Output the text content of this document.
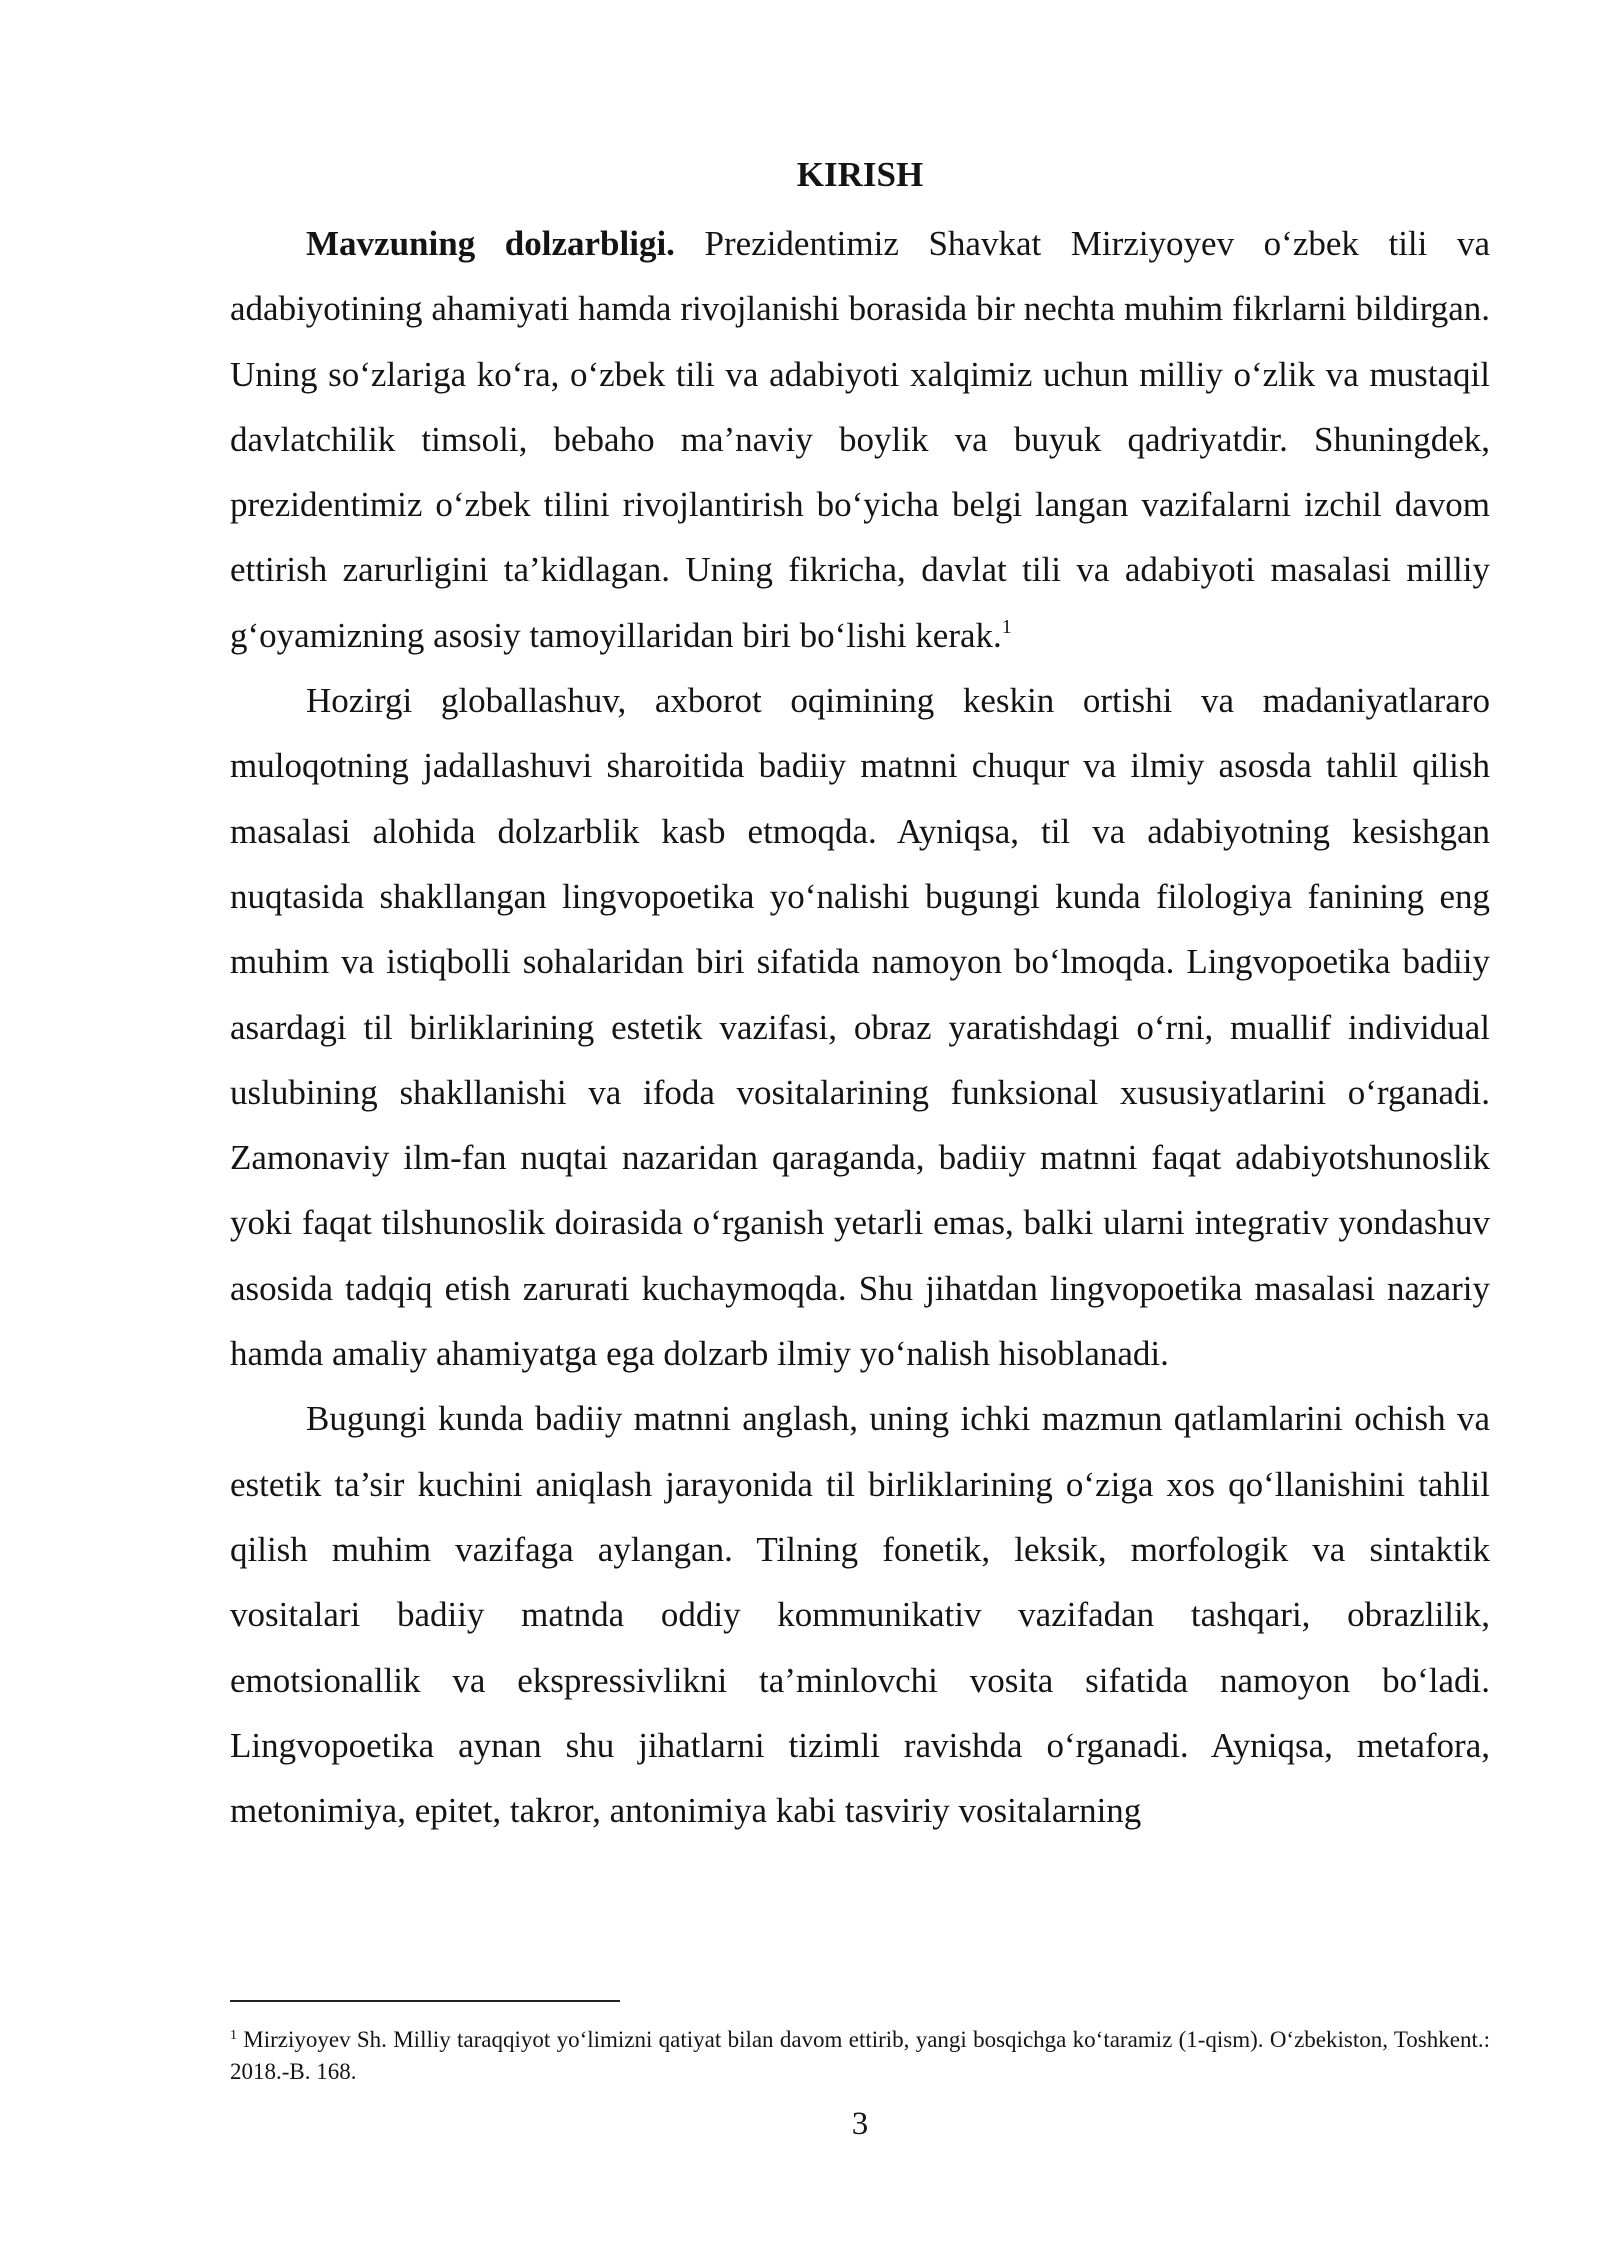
KIRISH

Mavzuning dolzarbligi. Prezidentimiz Shavkat Mirziyoyev o‘zbek tili va adabiyotining ahamiyati hamda rivojlanishi borasida bir nechta muhim fikrlarni bildirgan. Uning so‘zlariga ko‘ra, o‘zbek tili va adabiyoti xalqimiz uchun milliy o‘zlik va mustaqil davlatchilik timsoli, bebaho ma’naviy boylik va buyuk qadriyatdir. Shuningdek, prezidentimiz o‘zbek tilini rivojlantirish bo‘yicha belgi langan vazifalarni izchil davom ettirish zarurligini ta’kidlagan. Uning fikricha, davlat tili va adabiyoti masalasi milliy g‘oyamizning asosiy tamoyillaridan biri bo‘lishi kerak.$^1$

Hozirgi globallashuv, axborot oqimining keskin ortishi va madaniyatlararo muloqotning jadallashuvi sharoitida badiiy matnni chuqur va ilmiy asosda tahlil qilish masalasi alohida dolzarblik kasb etmoqda. Ayniqsa, til va adabiyotning kesishgan nuqtasida shakllangan lingvopoetika yo‘nalishi bugungi kunda filologiya fanining eng muhim va istiqbolli sohalaridan biri sifatida namoyon bo‘lmoqda. Lingvopoetika badiiy asardagi til birliklarining estetik vazifasi, obraz yaratishdagi o‘rni, muallif individual uslubining shakllanishi va ifoda vositalarining funksional xususiyatlarini o‘rganadi. Zamonaviy ilm-fan nuqtai nazaridan qaraganda, badiiy matnni faqat adabiyotshunoslik yoki faqat tilshunoslik doirasida o‘rganish yetarli emas, balki ularni integrativ yondashuv asosida tadqiq etish zarurati kuchaymoqda. Shu jihatdan lingvopoetika masalasi nazariy hamda amaliy ahamiyatga ega dolzarb ilmiy yo‘nalish hisoblanadi.

Bugungi kunda badiiy matnni anglash, uning ichki mazmun qatlamlarini ochish va estetik ta’sir kuchini aniqlash jarayonida til birliklarining o‘ziga xos qo‘llanishini tahlil qilish muhim vazifaga aylangan. Tilning fonetik, leksik, morfologik va sintaktik vositalari badiiy matnda oddiy kommunikativ vazifadan tashqari, obrazlilik, emotsionallik va ekspressivlikni ta’minlovchi vosita sifatida namoyon bo‘ladi. Lingvopoetika aynan shu jihatlarni tizimli ravishda o‘rganadi. Ayniqsa, metafora, metonimiya, epitet, takror, antonimiya kabi tasviriy vositalarning

$^1$ Mirziyoyev Sh. Milliy taraqqiyot yo‘limizni qatiyat bilan davom ettirib, yangi bosqichga ko‘taramiz (1-qism). O‘zbekiston, Toshkent.: 2018.-B. 168.
3
